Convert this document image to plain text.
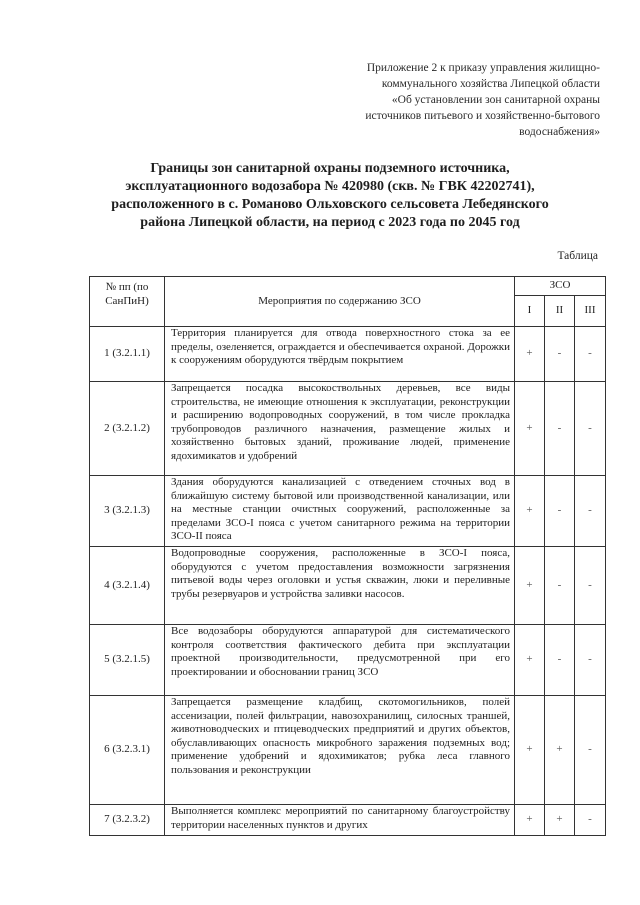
Приложение 2 к приказу управления жилищно-
коммунального хозяйства Липецкой области
«Об установлении зон санитарной охраны
источников питьевого и хозяйственно-бытового
водоснабжения»
Границы зон санитарной охраны подземного источника,
эксплуатационного водозабора № 420980 (скв. № ГВК 42202741),
расположенного в с. Романово Ольховского сельсовета Лебедянского
района Липецкой области, на период с 2023 года по 2045 год
Таблица
№ пп (по СанПиН)	Мероприятия по содержанию ЗСО	ЗСО		
		I	II	III
1 (3.2.1.1)	Территория планируется для отвода поверхностного стока за ее пределы, озеленяется, ограждается и обеспечивается охраной. Дорожки к сооружениям оборудуются твёрдым покрытием	+	-	-
2 (3.2.1.2)	Запрещается посадка высокоствольных деревьев, все виды строительства, не имеющие отношения к эксплуатации, реконструкции и расширению водопроводных сооружений, в том числе прокладка трубопроводов различного назначения, размещение жилых и хозяйственно бытовых зданий, проживание людей, применение ядохимикатов и удобрений	+	-	-
3 (3.2.1.3)	Здания оборудуются канализацией с отведением сточных вод в ближайшую систему бытовой или производственной канализации, или на местные станции очистных сооружений, расположенные за пределами ЗСО-I пояса с учетом санитарного режима на территории ЗСО-II пояса	+	-	-
4 (3.2.1.4)	Водопроводные сооружения, расположенные в ЗСО-I пояса, оборудуются с учетом предоставления возможности загрязнения питьевой воды через оголовки и устья скважин, люки и переливные трубы резервуаров и устройства заливки насосов.	+	-	-
5 (3.2.1.5)	Все водозаборы оборудуются аппаратурой для систематического контроля соответствия фактического дебита при эксплуатации проектной производительности, предусмотренной при его проектировании и обосновании границ ЗСО	+	-	-
6 (3.2.3.1)	Запрещается размещение кладбищ, скотомогильников, полей ассенизации, полей фильтрации, навозохранилищ, силосных траншей, животноводческих и птицеводческих предприятий и других объектов, обуславливающих опасность микробного заражения подземных вод; применение удобрений и ядохимикатов; рубка леса главного пользования и реконструкции	+	+	-
7 (3.2.3.2)	Выполняется комплекс мероприятий по санитарному благоустройству территории населенных пунктов и других	+	+	-
